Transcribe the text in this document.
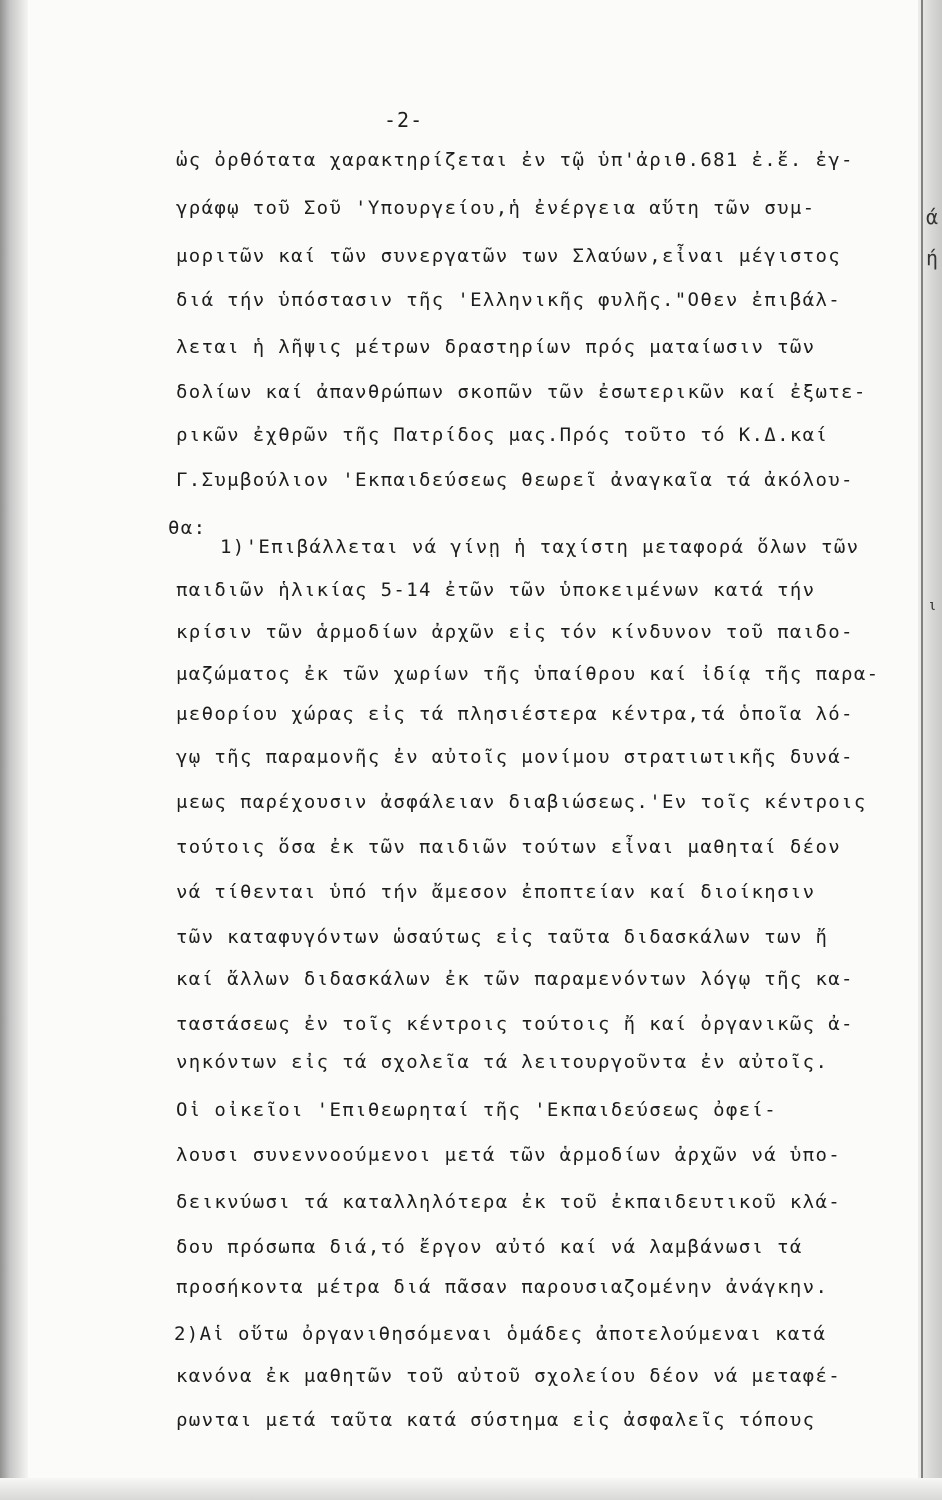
-2-
ὡς ὀρθότατα χαρακτηρίζεται ἐν τῷ ὑπ'ἀριθ.681 ἐ.ἔ. ἐγ-
γράφῳ τοῦ Σοῦ 'Υπουργείου,ἡ ἐνέργεια αὕτη τῶν συμ-
μοριτῶν καί τῶν συνεργατῶν των Σλαύων,εἶναι μέγιστος
διά τήν ὑπόστασιν τῆς 'Ελληνικῆς φυλῆς."Οθεν ἐπιβάλ-
λεται ἡ λῆψις μέτρων δραστηρίων πρός ματαίωσιν τῶν
δολίων καί ἀπανθρώπων σκοπῶν τῶν ἐσωτερικῶν καί ἐξωτε-
ρικῶν ἐχθρῶν τῆς Πατρίδος μας.Πρός τοῦτο τό Κ.Δ.καί
Γ.Συμβούλιον 'Εκπαιδεύσεως θεωρεῖ ἀναγκαῖα τά ἀκόλου-
θα:
1)'Επιβάλλεται νά γίνῃ ἡ ταχίστη μεταφορά ὅλων τῶν
παιδιῶν ἡλικίας 5-14 ἐτῶν τῶν ὑποκειμένων κατά τήν
κρίσιν τῶν ἁρμοδίων ἀρχῶν εἰς τόν κίνδυνον τοῦ παιδο-
μαζώματος ἐκ τῶν χωρίων τῆς ὑπαίθρου καί ἰδίᾳ τῆς παρα-
μεθορίου χώρας εἰς τά πλησιέστερα κέντρα,τά ὁποῖα λό-
γῳ τῆς παραμονῆς ἐν αὐτοῖς μονίμου στρατιωτικῆς δυνά-
μεως παρέχουσιν ἀσφάλειαν διαβιώσεως.'Εν τοῖς κέντροις
τούτοις ὅσα ἐκ τῶν παιδιῶν τούτων εἶναι μαθηταί δέον
νά τίθενται ὑπό τήν ἄμεσον ἐποπτείαν καί διοίκησιν
τῶν καταφυγόντων ὡσαύτως εἰς ταῦτα διδασκάλων των ἤ
καί ἄλλων διδασκάλων ἐκ τῶν παραμενόντων λόγῳ τῆς κα-
ταστάσεως ἐν τοῖς κέντροις τούτοις ἤ καί ὀργανικῶς ἀ-
νηκόντων εἰς τά σχολεῖα τά λειτουργοῦντα ἐν αὐτοῖς.
Οἱ οἰκεῖοι 'Επιθεωρηταί τῆς 'Εκπαιδεύσεως ὀφεί-
λουσι συνεννοούμενοι μετά τῶν ἁρμοδίων ἀρχῶν νά ὑπο-
δεικνύωσι τά καταλληλότερα ἐκ τοῦ ἐκπαιδευτικοῦ κλά-
δου πρόσωπα διά,τό ἔργον αὐτό καί νά λαμβάνωσι τά
προσήκοντα μέτρα διά πᾶσαν παρουσιαζομένην ἀνάγκην.
2)Αἱ οὕτω ὀργανιθησόμεναι ὁμάδες ἀποτελούμεναι κατά
κανόνα ἐκ μαθητῶν τοῦ αὐτοῦ σχολείου δέον νά μεταφέ-
ρωνται μετά ταῦτα κατά σύστημα εἰς ἀσφαλεῖς τόπους
ά
ή
ι
